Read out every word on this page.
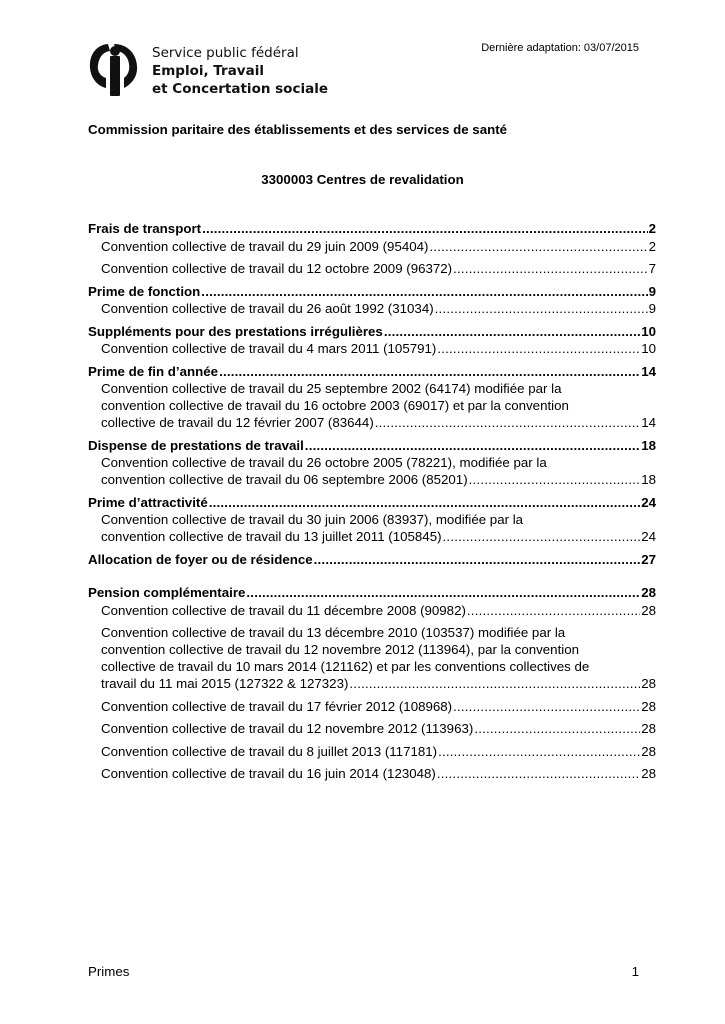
Service public fédéral
Emploi, Travail
et Concertation sociale
Dernière adaptation: 03/07/2015
Commission paritaire des établissements et des services de santé
3300003 Centres de revalidation
Frais de transport .....	2
Convention collective de travail du 29 juin 2009 (95404) .....	2
Convention collective de travail du 12 octobre 2009 (96372) .....	7
Prime de fonction .....	9
Convention collective de travail du 26 août 1992 (31034) .....	9
Suppléments pour des prestations irrégulières .....	10
Convention collective de travail du 4 mars 2011 (105791) .....	10
Prime de fin d’année .....	14
Convention collective de travail du 25 septembre 2002 (64174) modifiée par la
convention collective de travail du 16 octobre 2003 (69017) et par la convention
collective de travail du 12 février 2007 (83644) .....	14
Dispense de prestations de travail .....	18
Convention collective de travail du 26 octobre 2005 (78221), modifiée par la
convention collective de travail du 06 septembre 2006 (85201) .....	18
Prime d’attractivité .....	24
Convention collective de travail du 30 juin 2006 (83937), modifiée par la
convention collective de travail du 13 juillet 2011 (105845) .....	24
Allocation de foyer ou de résidence .....	27
Pension complémentaire .....	28
Convention collective de travail du 11 décembre 2008 (90982) .....	28
Convention collective de travail du 13 décembre 2010 (103537) modifiée par la
convention collective de travail du 12 novembre 2012 (113964), par la convention
collective de travail du 10 mars 2014 (121162) et par les conventions collectives de
travail du 11 mai 2015 (127322 & 127323) .....	28
Convention collective de travail du 17 février 2012 (108968) .....	28
Convention collective de travail du 12 novembre 2012 (113963) .....	28
Convention collective de travail du 8 juillet 2013 (117181) .....	28
Convention collective de travail du 16 juin 2014 (123048) .....	28
Primes	1
